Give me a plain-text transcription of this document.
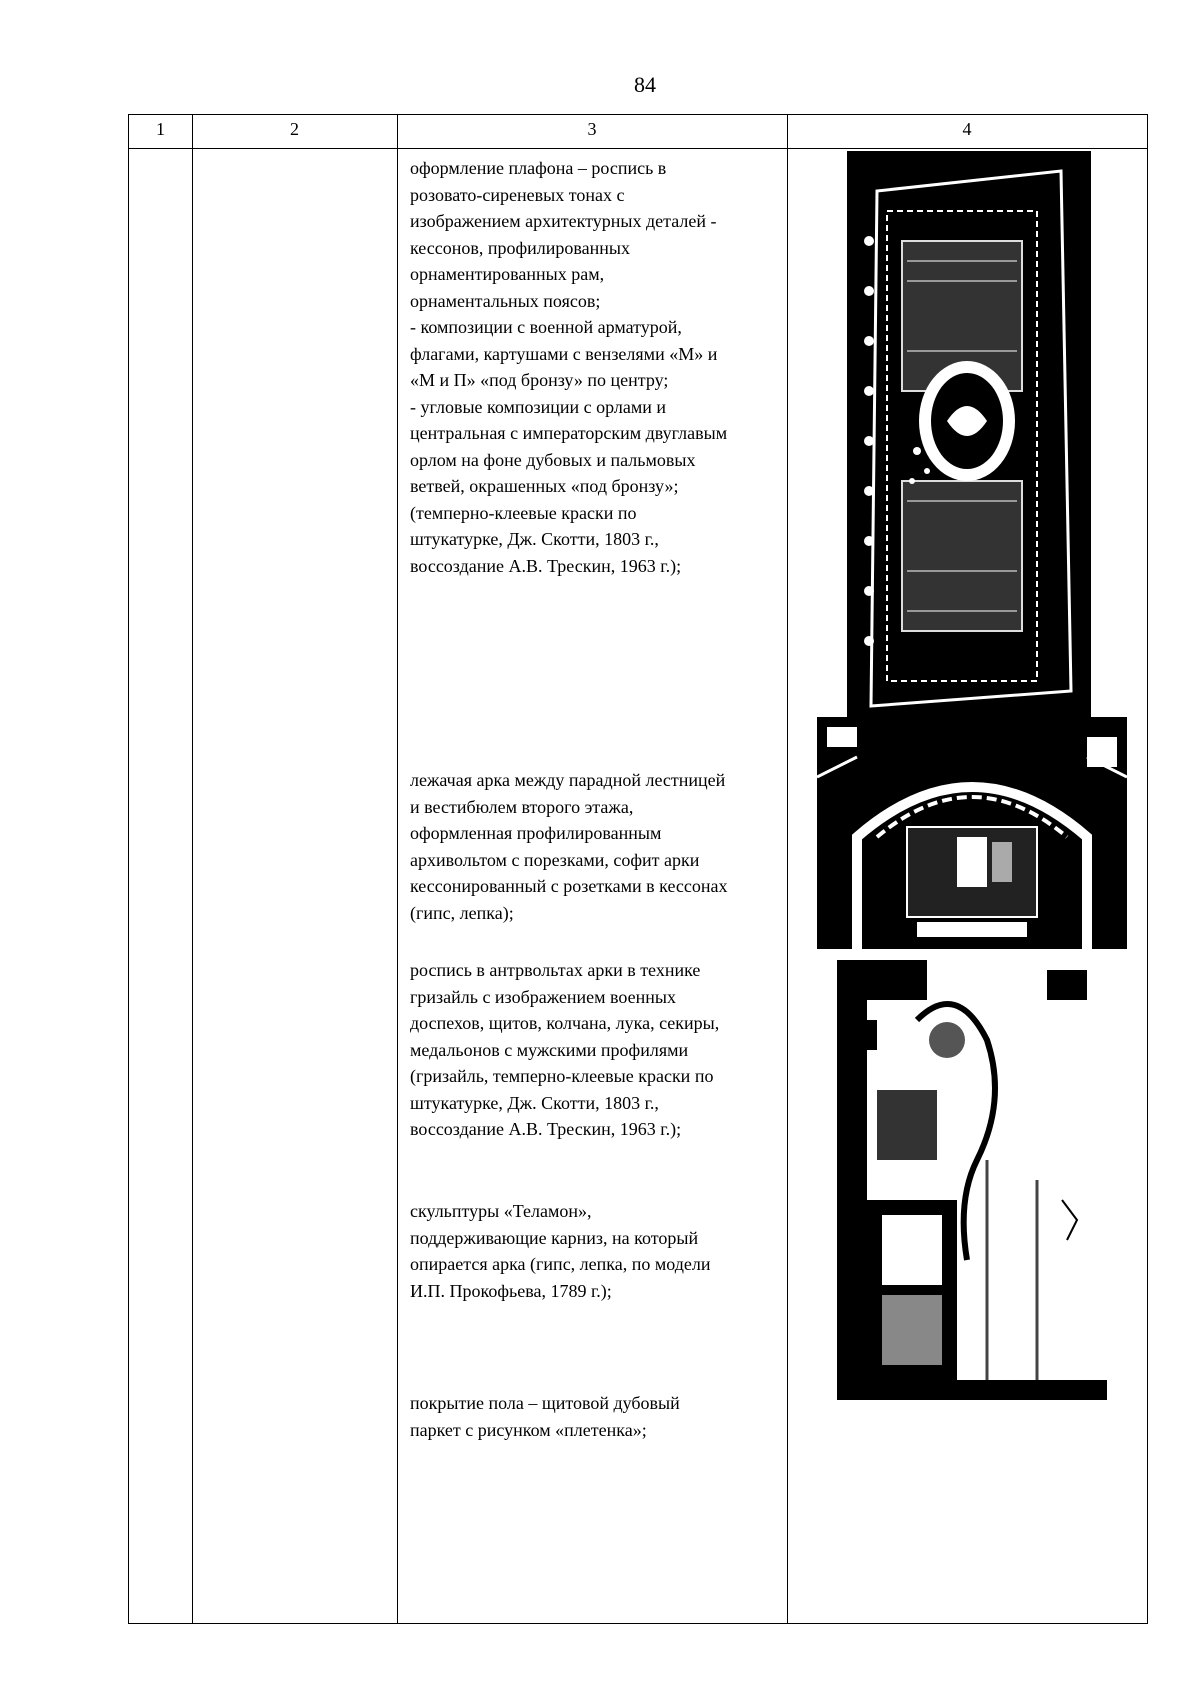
84
1	2	3	4
оформление плафона – роспись в
розовато-сиреневых тонах с
изображением архитектурных деталей -
кессонов, профилированных
орнаментированных рам,
орнаментальных поясов;
- композиции с военной арматурой,
флагами, картушами с вензелями «М» и
«М и П» «под бронзу» по центру;
- угловые композиции с орлами и
центральная с императорским двуглавым
орлом на фоне дубовых и пальмовых
ветвей, окрашенных «под бронзу»;
(темперно-клеевые краски по
штукатурке, Дж. Скотти, 1803 г.,
воссоздание А.В. Трескин, 1963 г.);
лежачая арка между парадной лестницей
и вестибюлем второго этажа,
оформленная профилированным
архивольтом с порезками, софит арки
кессонированный с розетками в кессонах
(гипс, лепка);
роспись в антрвольтах арки в технике
гризайль с изображением военных
доспехов, щитов, колчана, лука, секиры,
медальонов с мужскими профилями
(гризайль, темперно-клеевые краски по
штукатурке, Дж. Скотти, 1803 г.,
воссоздание А.В. Трескин, 1963 г.);
скульптуры «Теламон»,
поддерживающие карниз, на который
опирается арка (гипс, лепка, по модели
И.П. Прокофьева, 1789 г.);
покрытие пола – щитовой дубовый
паркет с рисунком «плетенка»;
